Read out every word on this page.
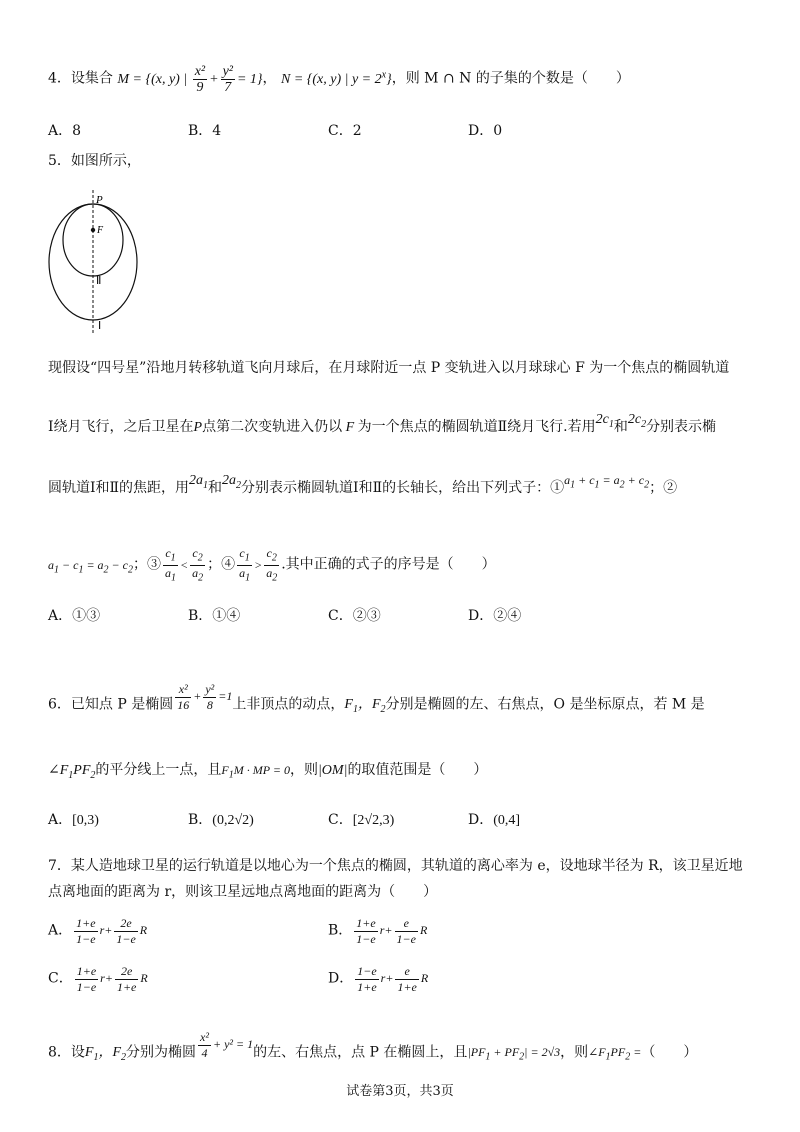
4．设集合 M = {(x, y) | $\frac{\text{x²}}{9} + \frac{\text{y²}}{7} = 1$}， N = {(x, y) | $y = 2^x$}，则 M ∩ N 的子集的个数是（　　）
A．8	B．4	C．2	D．0
5．如图所示，
P
F
Ⅱ
Ⅰ
现假设“四号星”沿地月转移轨道飞向月球后，在月球附近一点 P 变轨进入以月球球心 F 为一个焦点的椭圆轨道
Ⅰ绕月飞行，之后卫星在P点第二次变轨进入仍以 F 为一个焦点的椭圆轨道Ⅱ绕月飞行.若用$2c_1$和$2c_2$分别表示椭
圆轨道Ⅰ和Ⅱ的焦距，用$2a_1$和$2a_2$分别表示椭圆轨道Ⅰ和Ⅱ的长轴长，给出下列式子：$①a_1 + c_1 = a_2 + c_2$；②
$a_1 - c_1 = a_2 - c_2$；③ $\frac{c_1}{a_1} < \frac{c_2}{a_2}$ ；④ $\frac{c_1}{a_1} > \frac{c_2}{a_2}$ .其中正确的式子的序号是（　　）
A．①③	B．①④	C．②③	D．②④
6．已知点 P 是椭圆 $\frac{\text{x²}}{16} + \frac{\text{y²}}{8} =1$上非顶点的动点，$F_1$，$F_2$分别是椭圆的左、右焦点，O 是坐标原点，若 M 是
$\angle F_1PF_2$的平分线上一点，且$F_1M$ · MP = 0，则|OM|的取值范围是（　　）
A．[0,3)	B．(0,2√2)	C．[2√2,3)	D．(0,4]
7．某人造地球卫星的运行轨道是以地心为一个焦点的椭圆，其轨道的离心率为 e，设地球半径为 R，该卫星近地
点离地面的距离为 r，则该卫星远地点离地面的距离为（　　）
A． $\frac{1+e}{1-e} r+ \frac{2e}{1-e}$ R	B． $\frac{1+e}{1-e} r+ \frac{e}{1-e}$ R
C． $\frac{1+e}{1-e} r+ \frac{2e}{1+e}$ R	D． $\frac{1-e}{1+e} r+ \frac{e}{1+e}$ R
8．设$F_1$，$F_2$分别为椭圆 $\frac{\text{x²}}{4} + y^2 = 1$的左、右焦点，点 P 在椭圆上，且$|PF_1 + PF_2| = 2√3$，则$\angle F_1PF_2$ =（　　）
试卷第3页，共3页
